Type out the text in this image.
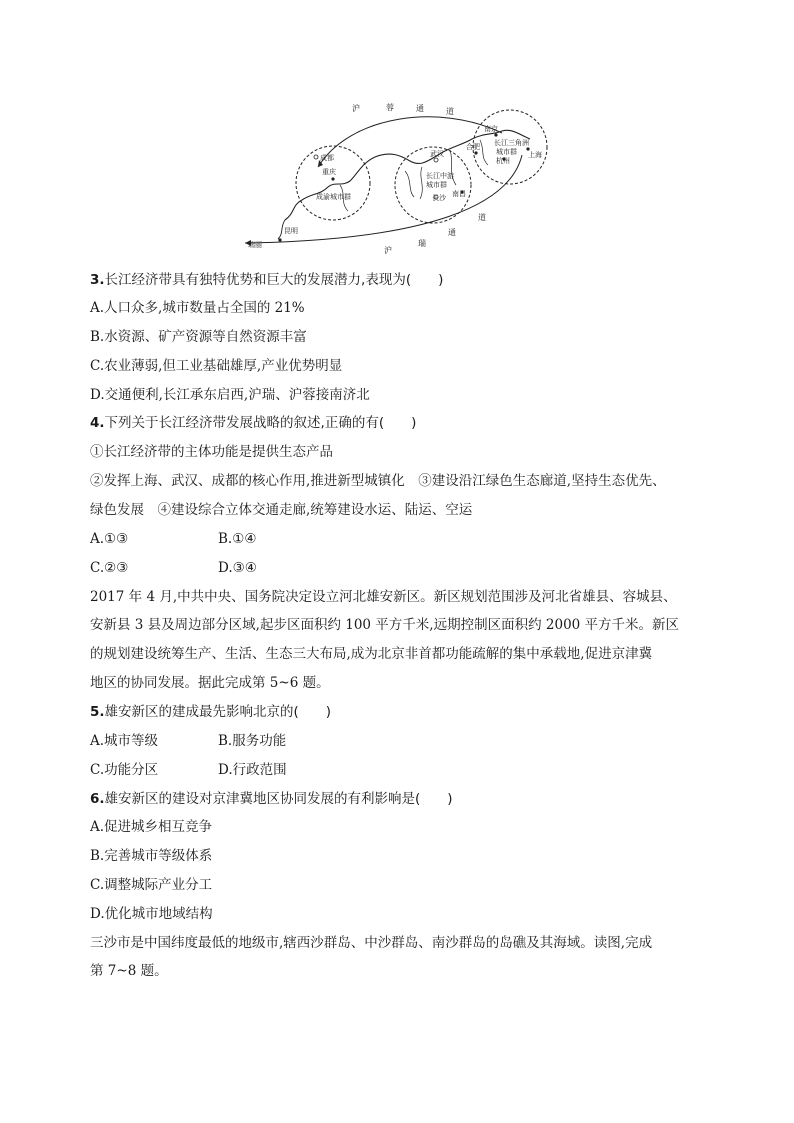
沪	蓉	通	道
道
通
瑞
沪
成都
重庆
成渝城市群
昆明
瑞丽
武汉
长江中游
城市群
长沙 南昌
合肥
南京
长江三角洲
城市群
杭州
上海
3.长江经济带具有独特优势和巨大的发展潜力,表现为(　　)
A.人口众多,城市数量占全国的 21%
B.水资源、矿产资源等自然资源丰富
C.农业薄弱,但工业基础雄厚,产业优势明显
D.交通便利,长江承东启西,沪瑞、沪蓉接南济北
4.下列关于长江经济带发展战略的叙述,正确的有(　　)
①长江经济带的主体功能是提供生态产品
②发挥上海、武汉、成都的核心作用,推进新型城镇化　③建设沿江绿色生态廊道,坚持生态优先、
绿色发展　④建设综合立体交通走廊,统筹建设水运、陆运、空运
A.①③	B.①④
C.②③	D.③④
2017 年 4 月,中共中央、国务院决定设立河北雄安新区。新区规划范围涉及河北省雄县、容城县、
安新县 3 县及周边部分区域,起步区面积约 100 平方千米,远期控制区面积约 2000 平方千米。新区
的规划建设统筹生产、生活、生态三大布局,成为北京非首都功能疏解的集中承载地,促进京津冀
地区的协同发展。据此完成第 5~6 题。
5.雄安新区的建成最先影响北京的(　　)
A.城市等级	B.服务功能
C.功能分区	D.行政范围
6.雄安新区的建设对京津冀地区协同发展的有利影响是(　　)
A.促进城乡相互竞争
B.完善城市等级体系
C.调整城际产业分工
D.优化城市地域结构
三沙市是中国纬度最低的地级市,辖西沙群岛、中沙群岛、南沙群岛的岛礁及其海域。读图,完成
第 7~8 题。
